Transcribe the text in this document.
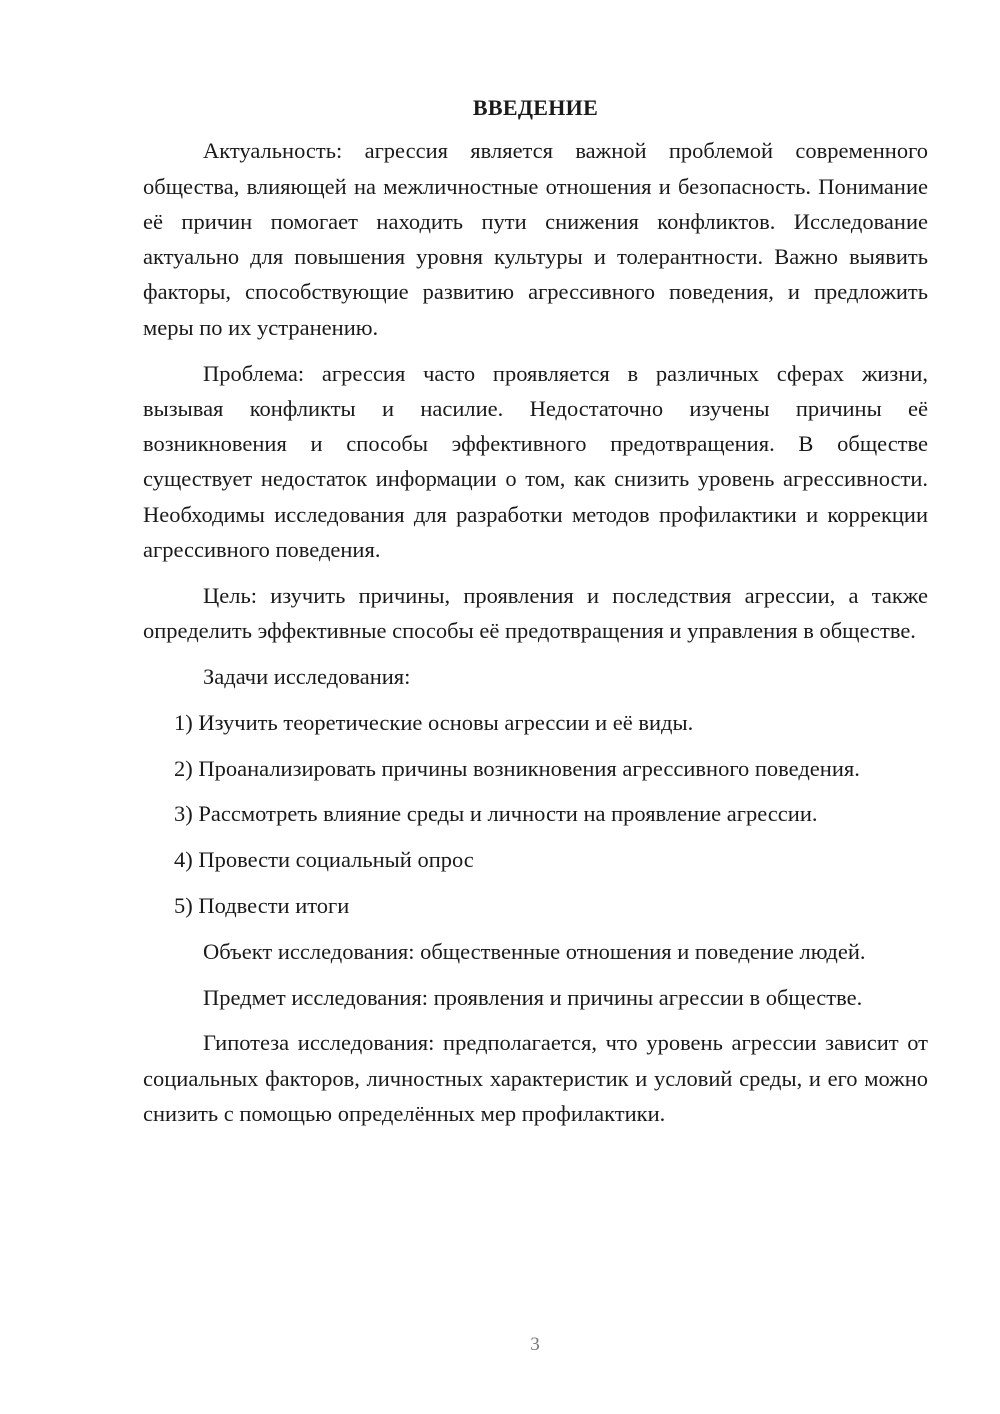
ВВЕДЕНИЕ

Актуальность: агрессия является важной проблемой современного общества, влияющей на межличностные отношения и безопасность. Понимание её причин помогает находить пути снижения конфликтов. Исследование актуально для повышения уровня культуры и толерантности. Важно выявить факторы, способствующие развитию агрессивного поведения, и предложить меры по их устранению.

Проблема: агрессия часто проявляется в различных сферах жизни, вызывая конфликты и насилие. Недостаточно изучены причины её возникновения и способы эффективного предотвращения. В обществе существует недостаток информации о том, как снизить уровень агрессивности. Необходимы исследования для разработки методов профилактики и коррекции агрессивного поведения.

Цель: изучить причины, проявления и последствия агрессии, а также определить эффективные способы её предотвращения и управления в обществе.

Задачи исследования:

1) Изучить теоретические основы агрессии и её виды.

2) Проанализировать причины возникновения агрессивного поведения.

3) Рассмотреть влияние среды и личности на проявление агрессии.

4) Провести социальный опрос

5) Подвести итоги

Объект исследования: общественные отношения и поведение людей.

Предмет исследования: проявления и причины агрессии в обществе.

Гипотеза исследования: предполагается, что уровень агрессии зависит от социальных факторов, личностных характеристик и условий среды, и его можно снизить с помощью определённых мер профилактики.

3
